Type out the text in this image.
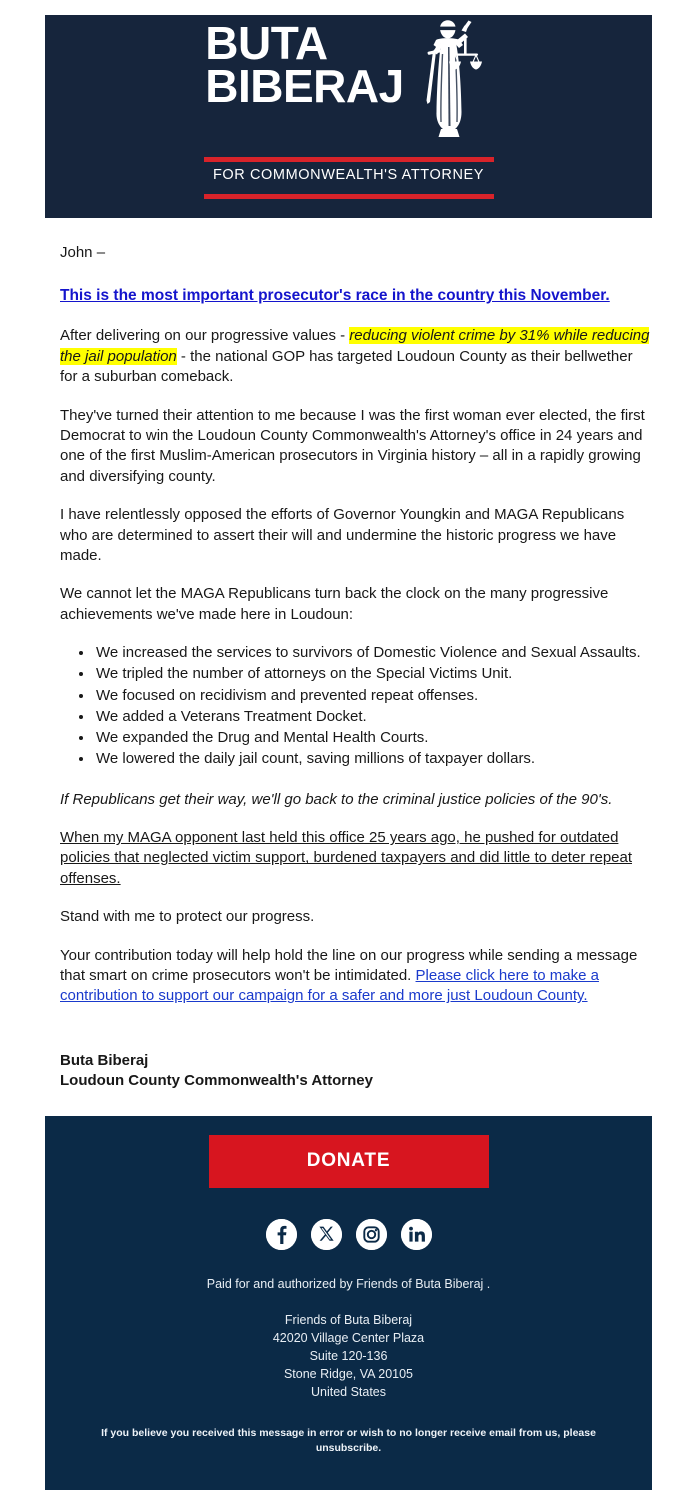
BUTA
BIBERAJ
FOR COMMONWEALTH'S ATTORNEY

John –

This is the most important prosecutor's race in the country this November.

After delivering on our progressive values - reducing violent crime by 31% while reducing the jail population - the national GOP has targeted Loudoun County as their bellwether for a suburban comeback.

They've turned their attention to me because I was the first woman ever elected, the first Democrat to win the Loudoun County Commonwealth's Attorney's office in 24 years and one of the first Muslim-American prosecutors in Virginia history – all in a rapidly growing and diversifying county.

I have relentlessly opposed the efforts of Governor Youngkin and MAGA Republicans who are determined to assert their will and undermine the historic progress we have made.

We cannot let the MAGA Republicans turn back the clock on the many progressive achievements we've made here in Loudoun:

• We increased the services to survivors of Domestic Violence and Sexual Assaults.
• We tripled the number of attorneys on the Special Victims Unit.
• We focused on recidivism and prevented repeat offenses.
• We added a Veterans Treatment Docket.
• We expanded the Drug and Mental Health Courts.
• We lowered the daily jail count, saving millions of taxpayer dollars.

If Republicans get their way, we'll go back to the criminal justice policies of the 90's.

When my MAGA opponent last held this office 25 years ago, he pushed for outdated policies that neglected victim support, burdened taxpayers and did little to deter repeat offenses.

Stand with me to protect our progress.

Your contribution today will help hold the line on our progress while sending a message that smart on crime prosecutors won't be intimidated. Please click here to make a contribution to support our campaign for a safer and more just Loudoun County.

Buta Biberaj
Loudoun County Commonwealth's Attorney
DONATE
Paid for and authorized by Friends of Buta Biberaj .
Friends of Buta Biberaj
42020 Village Center Plaza
Suite 120-136
Stone Ridge, VA 20105
United States
If you believe you received this message in error or wish to no longer receive email from us, please unsubscribe.
